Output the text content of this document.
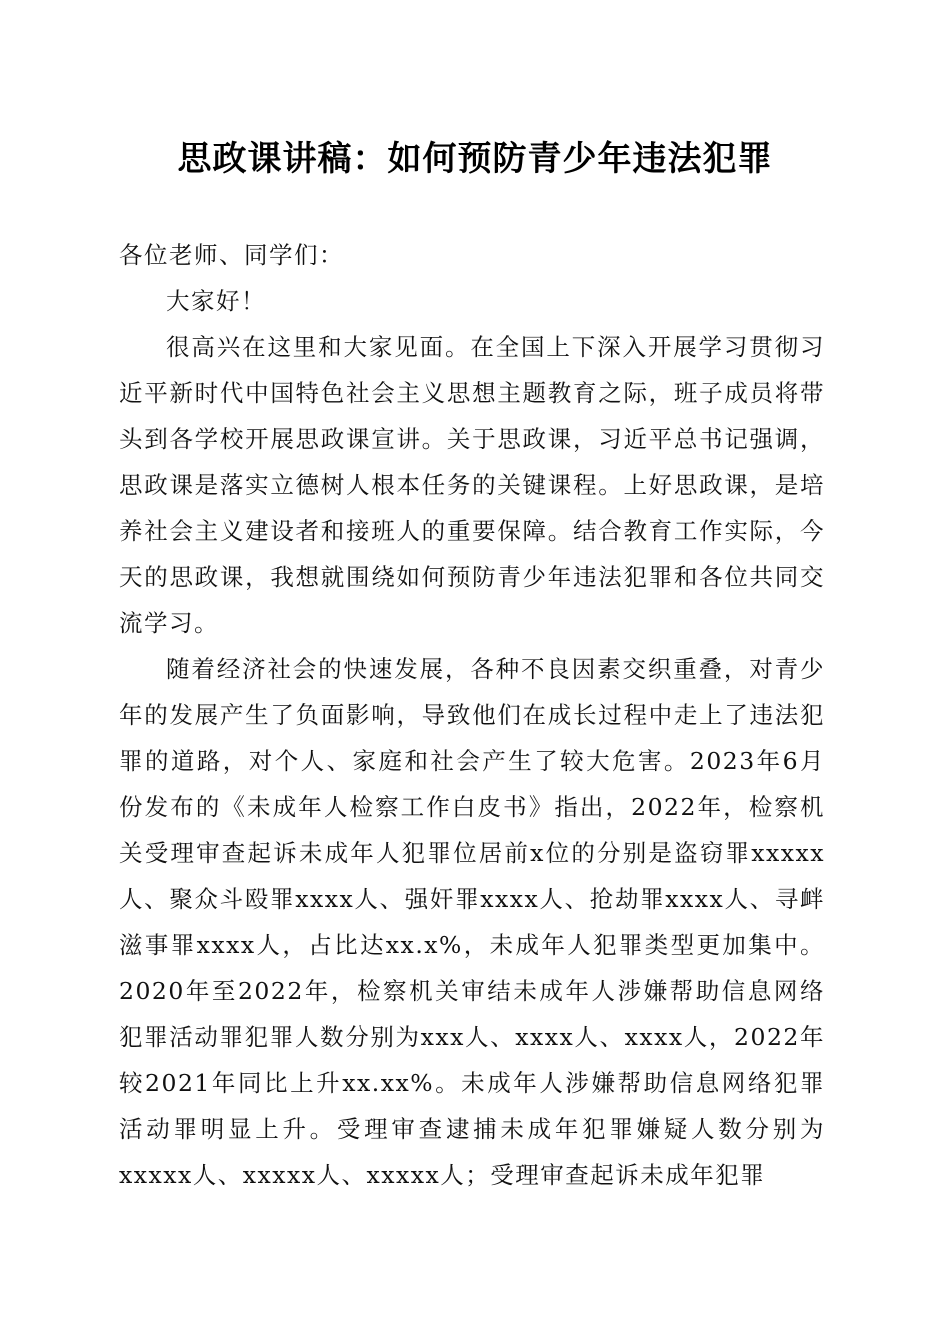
思政课讲稿：如何预防青少年违法犯罪

各位老师、同学们：

大家好！

很高兴在这里和大家见面。在全国上下深入开展学习贯彻习近平新时代中国特色社会主义思想主题教育之际，班子成员将带头到各学校开展思政课宣讲。关于思政课，习近平总书记强调，思政课是落实立德树人根本任务的关键课程。上好思政课，是培养社会主义建设者和接班人的重要保障。结合教育工作实际，今天的思政课，我想就围绕如何预防青少年违法犯罪和各位共同交流学习。

随着经济社会的快速发展，各种不良因素交织重叠，对青少年的发展产生了负面影响，导致他们在成长过程中走上了违法犯罪的道路，对个人、家庭和社会产生了较大危害。2023年6月份发布的《未成年人检察工作白皮书》指出，2022年，检察机关受理审查起诉未成年人犯罪位居前x位的分别是盗窃罪xxxxx人、聚众斗殴罪xxxx人、强奸罪xxxx人、抢劫罪xxxx人、寻衅滋事罪xxxx人，占比达xx.x%，未成年人犯罪类型更加集中。2020年至2022年，检察机关审结未成年人涉嫌帮助信息网络犯罪活动罪犯罪人数分别为xxx人、xxxx人、xxxx人，2022年较2021年同比上升xx.xx%。未成年人涉嫌帮助信息网络犯罪活动罪明显上升。受理审查逮捕未成年犯罪嫌疑人数分别为xxxxx人、xxxxx人、xxxxx人；受理审查起诉未成年犯罪
